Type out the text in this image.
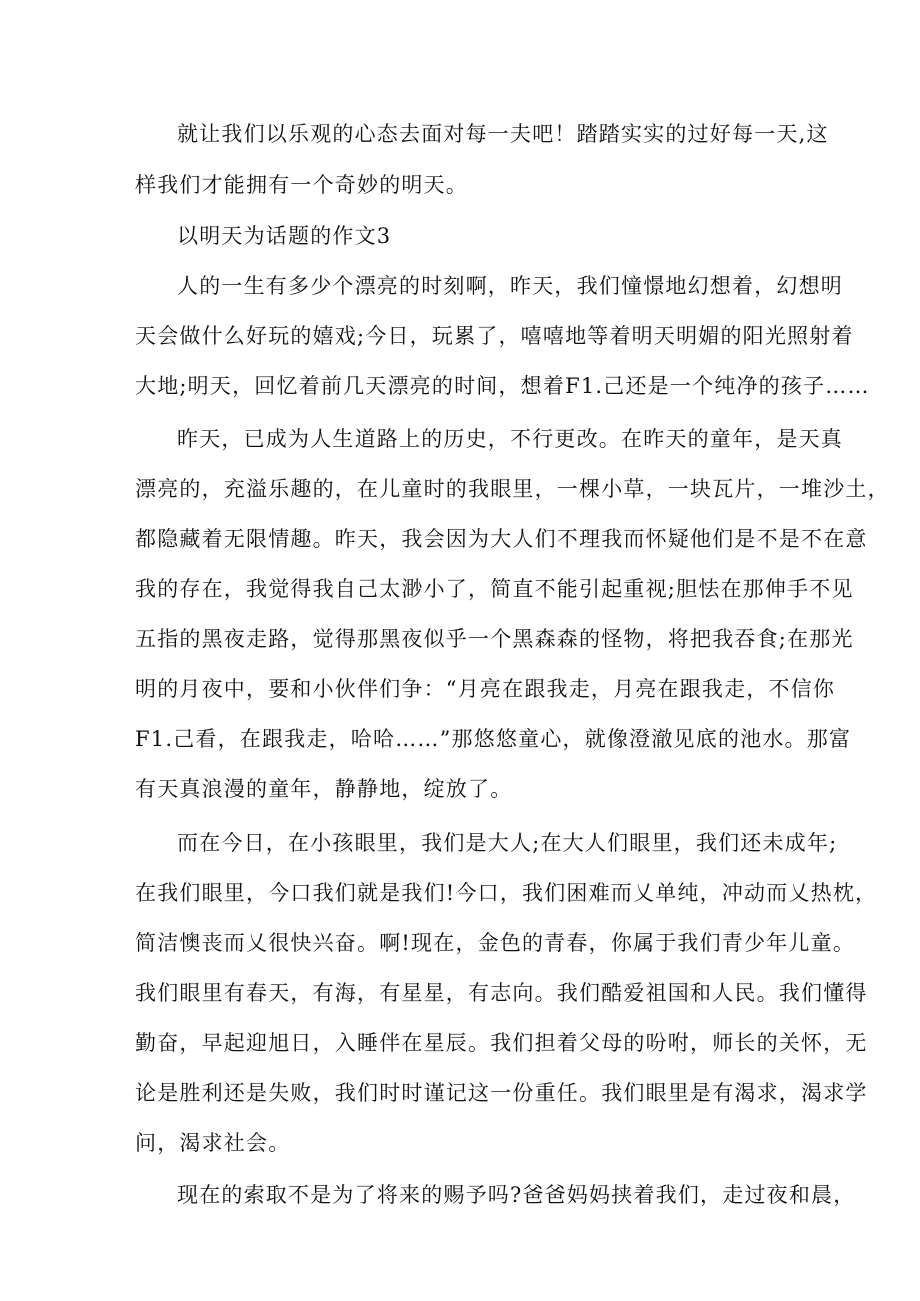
就让我们以乐观的心态去面对每一夫吧！踏踏实实的过好每一天,这
样我们才能拥有一个奇妙的明天。
以明天为话题的作文3
人的一生有多少个漂亮的时刻啊，昨天，我们憧憬地幻想着，幻想明
天会做什么好玩的嬉戏;今日，玩累了，嘻嘻地等着明天明媚的阳光照射着
大地;明天，回忆着前几天漂亮的时间，想着F1.己还是一个纯净的孩子……
昨天，已成为人生道路上的历史，不行更改。在昨天的童年，是天真
漂亮的，充溢乐趣的，在儿童时的我眼里，一棵小草，一块瓦片，一堆沙土，
都隐藏着无限情趣。昨天，我会因为大人们不理我而怀疑他们是不是不在意
我的存在，我觉得我自己太渺小了，简直不能引起重视;胆怯在那伸手不见
五指的黑夜走路，觉得那黑夜似乎一个黑森森的怪物，将把我吞食;在那光
明的月夜中，要和小伙伴们争：“月亮在跟我走，月亮在跟我走，不信你
F1.己看，在跟我走，哈哈……”那悠悠童心，就像澄澈见底的池水。那富
有天真浪漫的童年，静静地，绽放了。
而在今日，在小孩眼里，我们是大人;在大人们眼里，我们还未成年;
在我们眼里，今口我们就是我们!今口，我们困难而乂单纯，冲动而乂热枕，
简洁懊丧而乂很快兴奋。啊!现在，金色的青春，你属于我们青少年儿童。
我们眼里有春天，有海，有星星，有志向。我们酷爱祖国和人民。我们懂得
勤奋，早起迎旭日，入睡伴在星辰。我们担着父母的吩咐，师长的关怀，无
论是胜利还是失败，我们时时谨记这一份重任。我们眼里是有渴求，渴求学
问，渴求社会。
现在的索取不是为了将来的赐予吗?爸爸妈妈挟着我们，走过夜和晨，
